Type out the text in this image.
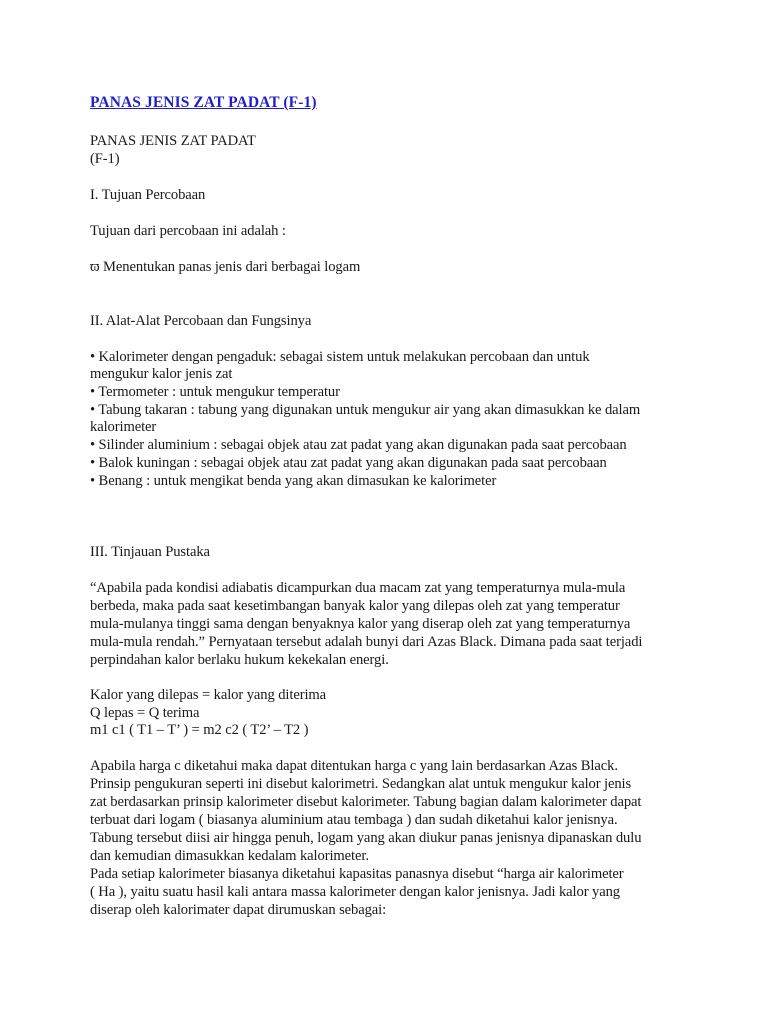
PANAS JENIS ZAT PADAT (F-1)
PANAS JENIS ZAT PADAT
(F-1)
I. Tujuan Percobaan
Tujuan dari percobaan ini adalah :
ϖ Menentukan panas jenis dari berbagai logam
II. Alat-Alat Percobaan dan Fungsinya
• Kalorimeter dengan pengaduk: sebagai sistem untuk melakukan percobaan dan untuk
mengukur kalor jenis zat
• Termometer : untuk mengukur temperatur
• Tabung takaran : tabung yang digunakan untuk mengukur air yang akan dimasukkan ke dalam
kalorimeter
• Silinder aluminium : sebagai objek atau zat padat yang akan digunakan pada saat percobaan
• Balok kuningan : sebagai objek atau zat padat yang akan digunakan pada saat percobaan
• Benang : untuk mengikat benda yang akan dimasukan ke kalorimeter
III. Tinjauan Pustaka
“Apabila pada kondisi adiabatis dicampurkan dua macam zat yang temperaturnya mula-mula
berbeda, maka pada saat kesetimbangan banyak kalor yang dilepas oleh zat yang temperatur
mula-mulanya tinggi sama dengan benyaknya kalor yang diserap oleh zat yang temperaturnya
mula-mula rendah.” Pernyataan tersebut adalah bunyi dari Azas Black. Dimana pada saat terjadi
perpindahan kalor berlaku hukum kekekalan energi.
Kalor yang dilepas = kalor yang diterima
Q lepas = Q terima
m1 c1 ( T1 – T’ ) = m2 c2 ( T2’ – T2 )
Apabila harga c diketahui maka dapat ditentukan harga c yang lain berdasarkan Azas Black.
Prinsip pengukuran seperti ini disebut kalorimetri. Sedangkan alat untuk mengukur kalor jenis
zat berdasarkan prinsip kalorimeter disebut kalorimeter. Tabung bagian dalam kalorimeter dapat
terbuat dari logam ( biasanya aluminium atau tembaga ) dan sudah diketahui kalor jenisnya.
Tabung tersebut diisi air hingga penuh, logam yang akan diukur panas jenisnya dipanaskan dulu
dan kemudian dimasukkan kedalam kalorimeter.
Pada setiap kalorimeter biasanya diketahui kapasitas panasnya disebut “harga air kalorimeter
( Ha ), yaitu suatu hasil kali antara massa kalorimeter dengan kalor jenisnya. Jadi kalor yang
diserap oleh kalorimater dapat dirumuskan sebagai:
